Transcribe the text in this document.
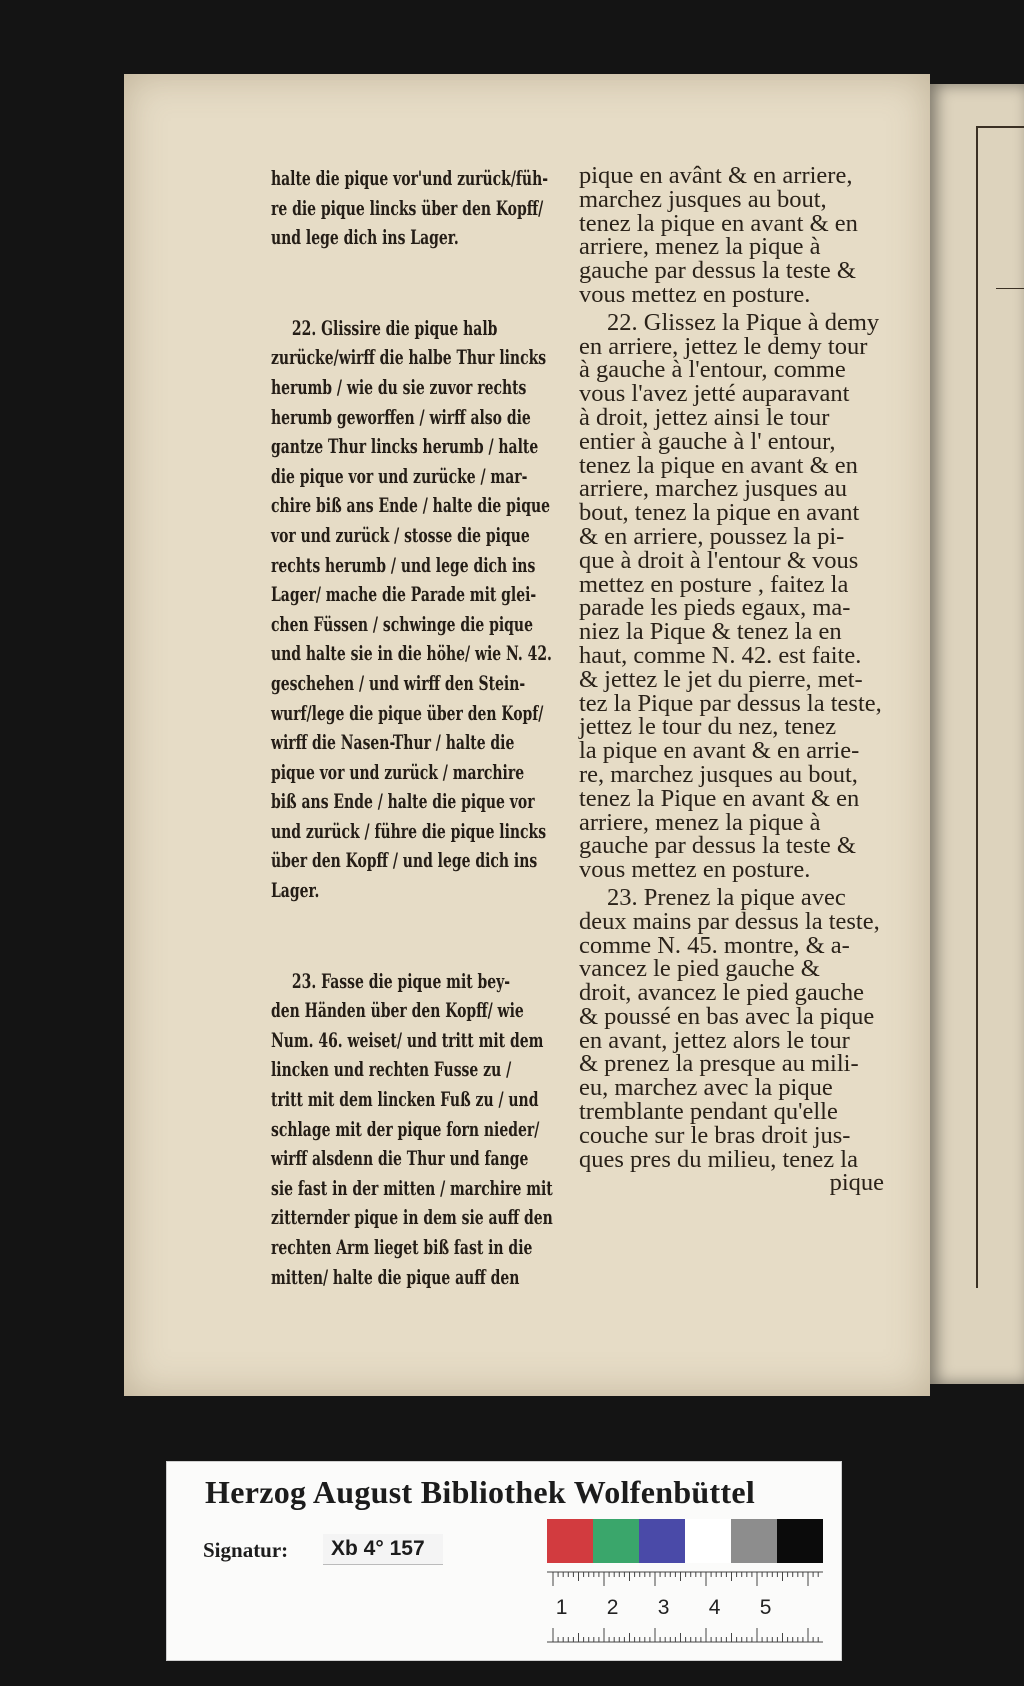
halte die pique vor'und zurück/füh-
re die pique lincks über den Kopff/
und lege dich ins Lager.
22. Glissire die pique halb
zurücke/wirff die halbe Thur lincks
herumb / wie du sie zuvor rechts
herumb geworffen / wirff also die
gantze Thur lincks herumb / halte
die pique vor und zurücke / mar-
chire biß ans Ende / halte die pique
vor und zurück / stosse die pique
rechts herumb / und lege dich ins
Lager/ mache die Parade mit glei-
chen Füssen / schwinge die pique
und halte sie in die höhe/ wie N. 42.
geschehen / und wirff den Stein-
wurf/lege die pique über den Kopf/
wirff die Nasen-Thur / halte die
pique vor und zurück / marchire
biß ans Ende / halte die pique vor
und zurück / führe die pique lincks
über den Kopff / und lege dich ins
Lager.
23. Fasse die pique mit bey-
den Händen über den Kopff/ wie
Num. 46. weiset/ und tritt mit dem
lincken und rechten Fusse zu /
tritt mit dem lincken Fuß zu / und
schlage mit der pique forn nieder/
wirff alsdenn die Thur und fange
sie fast in der mitten / marchire mit
zitternder pique in dem sie auff den
rechten Arm lieget biß fast in die
mitten/ halte die pique auff den
pique en avânt & en arriere,
marchez jusques au bout,
tenez la pique en avant & en
arriere, menez la pique à
gauche par dessus la teste &
vous mettez en posture.
22. Glissez la Pique à demy
en arriere, jettez le demy tour
à gauche à l'entour, comme
vous l'avez jetté auparavant
à droit, jettez ainsi le tour
entier à gauche à l' entour,
tenez la pique en avant & en
arriere, marchez jusques au
bout, tenez la pique en avant
& en arriere, poussez la pi-
que à droit à l'entour & vous
mettez en posture , faitez la
parade les pieds egaux, ma-
niez la Pique & tenez la en
haut, comme N. 42. est faite.
& jettez le jet du pierre, met-
tez la Pique par dessus la teste,
jettez le tour du nez, tenez
la pique en avant & en arrie-
re, marchez jusques au bout,
tenez la Pique en avant & en
arriere, menez la pique à
gauche par dessus la teste &
vous mettez en posture.
23. Prenez la pique avec
deux mains par dessus la teste,
comme N. 45. montre, & a-
vancez le pied gauche &
droit, avancez le pied gauche
& poussé en bas avec la pique
en avant, jettez alors le tour
& prenez la presque au mili-
eu, marchez avec la pique
tremblante pendant qu'elle
couche sur le bras droit jus-
ques pres du milieu, tenez la
pique
Herzog August Bibliothek Wolfenbüttel
Signatur:	Xb 4° 157
1 2 3 4 5
